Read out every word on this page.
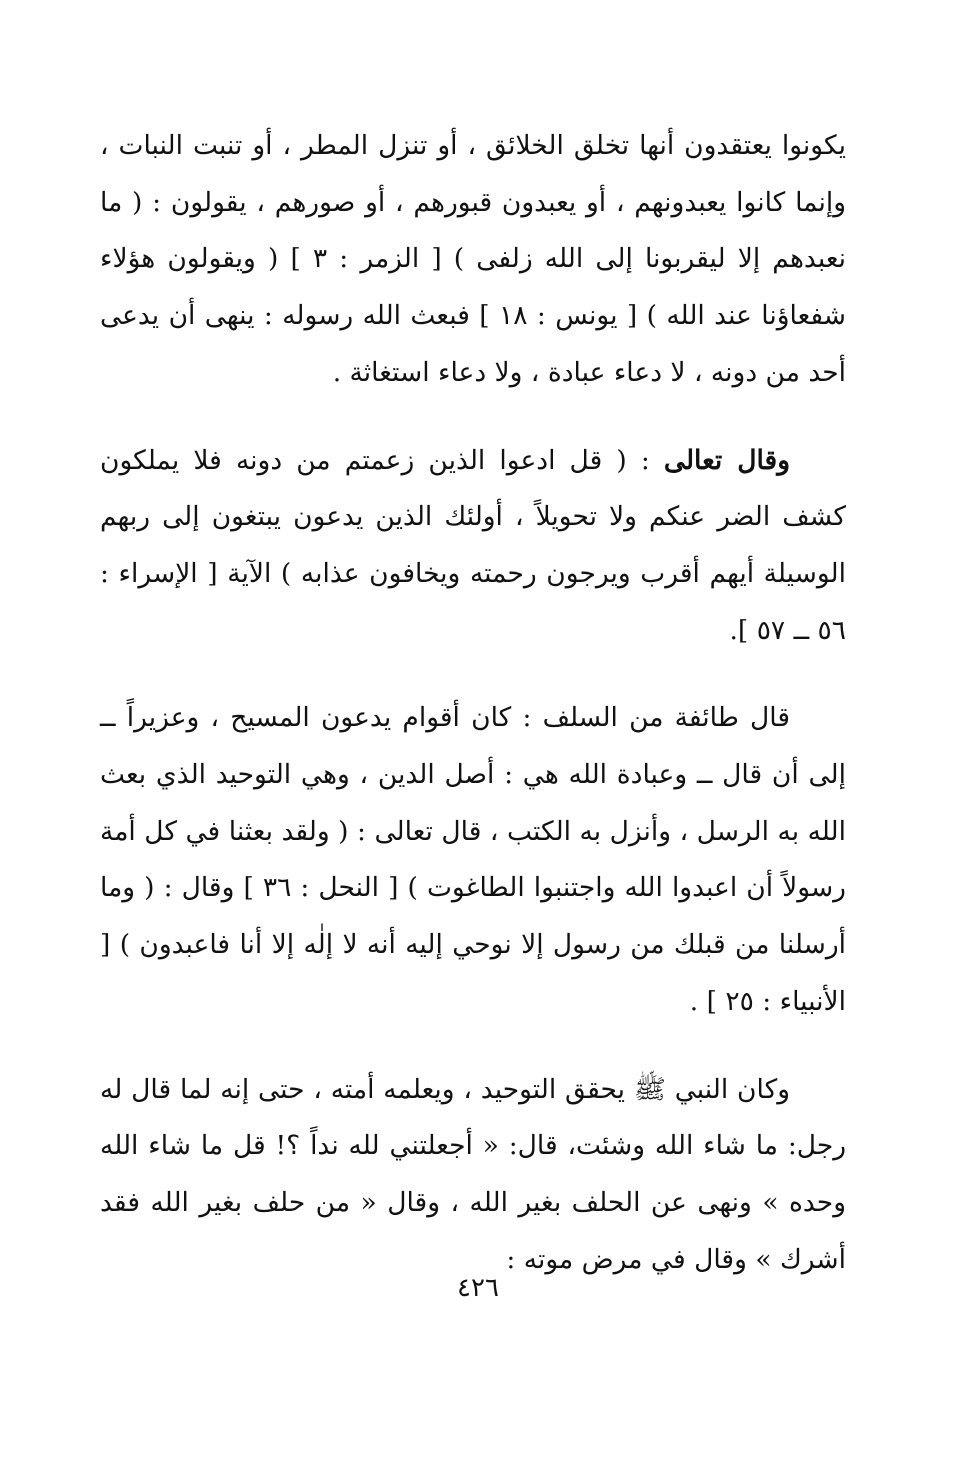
يكونوا يعتقدون أنها تخلق الخلائق ، أو تنزل المطر ، أو تنبت النبات ، وإنما كانوا يعبدونهم ، أو يعبدون قبورهم ، أو صورهم ، يقولون : ( ما نعبدهم إلا ليقربونا إلى الله زلفى ) [ الزمر : ٣ ] ( ويقولون هؤلاء شفعاؤنا عند الله ) [ يونس : ١٨ ] فبعث الله رسوله : ينهى أن يدعى أحد من دونه ، لا دعاء عبادة ، ولا دعاء استغاثة .

وقال تعالى : ( قل ادعوا الذين زعمتم من دونه فلا يملكون كشف الضر عنكم ولا تحويلاً ، أولئك الذين يدعون يبتغون إلى ربهم الوسيلة أيهم أقرب ويرجون رحمته ويخافون عذابه ) الآية [ الإسراء : ٥٦ ــ ٥٧ ].

قال طائفة من السلف : كان أقوام يدعون المسيح ، وعزيراً ــ إلى أن قال ــ وعبادة الله هي : أصل الدين ، وهي التوحيد الذي بعث الله به الرسل ، وأنزل به الكتب ، قال تعالى : ( ولقد بعثنا في كل أمة رسولاً أن اعبدوا الله واجتنبوا الطاغوت ) [ النحل : ٣٦ ] وقال : ( وما أرسلنا من قبلك من رسول إلا نوحي إليه أنه لا إلٰه إلا أنا فاعبدون ) [ الأنبياء : ٢٥ ] .

وكان النبي ﷺ يحقق التوحيد ، ويعلمه أمته ، حتى إنه لما قال له رجل: ما شاء الله وشئت، قال: « أجعلتني لله نداً ؟! قل ما شاء الله وحده » ونهى عن الحلف بغير الله ، وقال « من حلف بغير الله فقد أشرك » وقال في مرض موته :

٤٢٦
